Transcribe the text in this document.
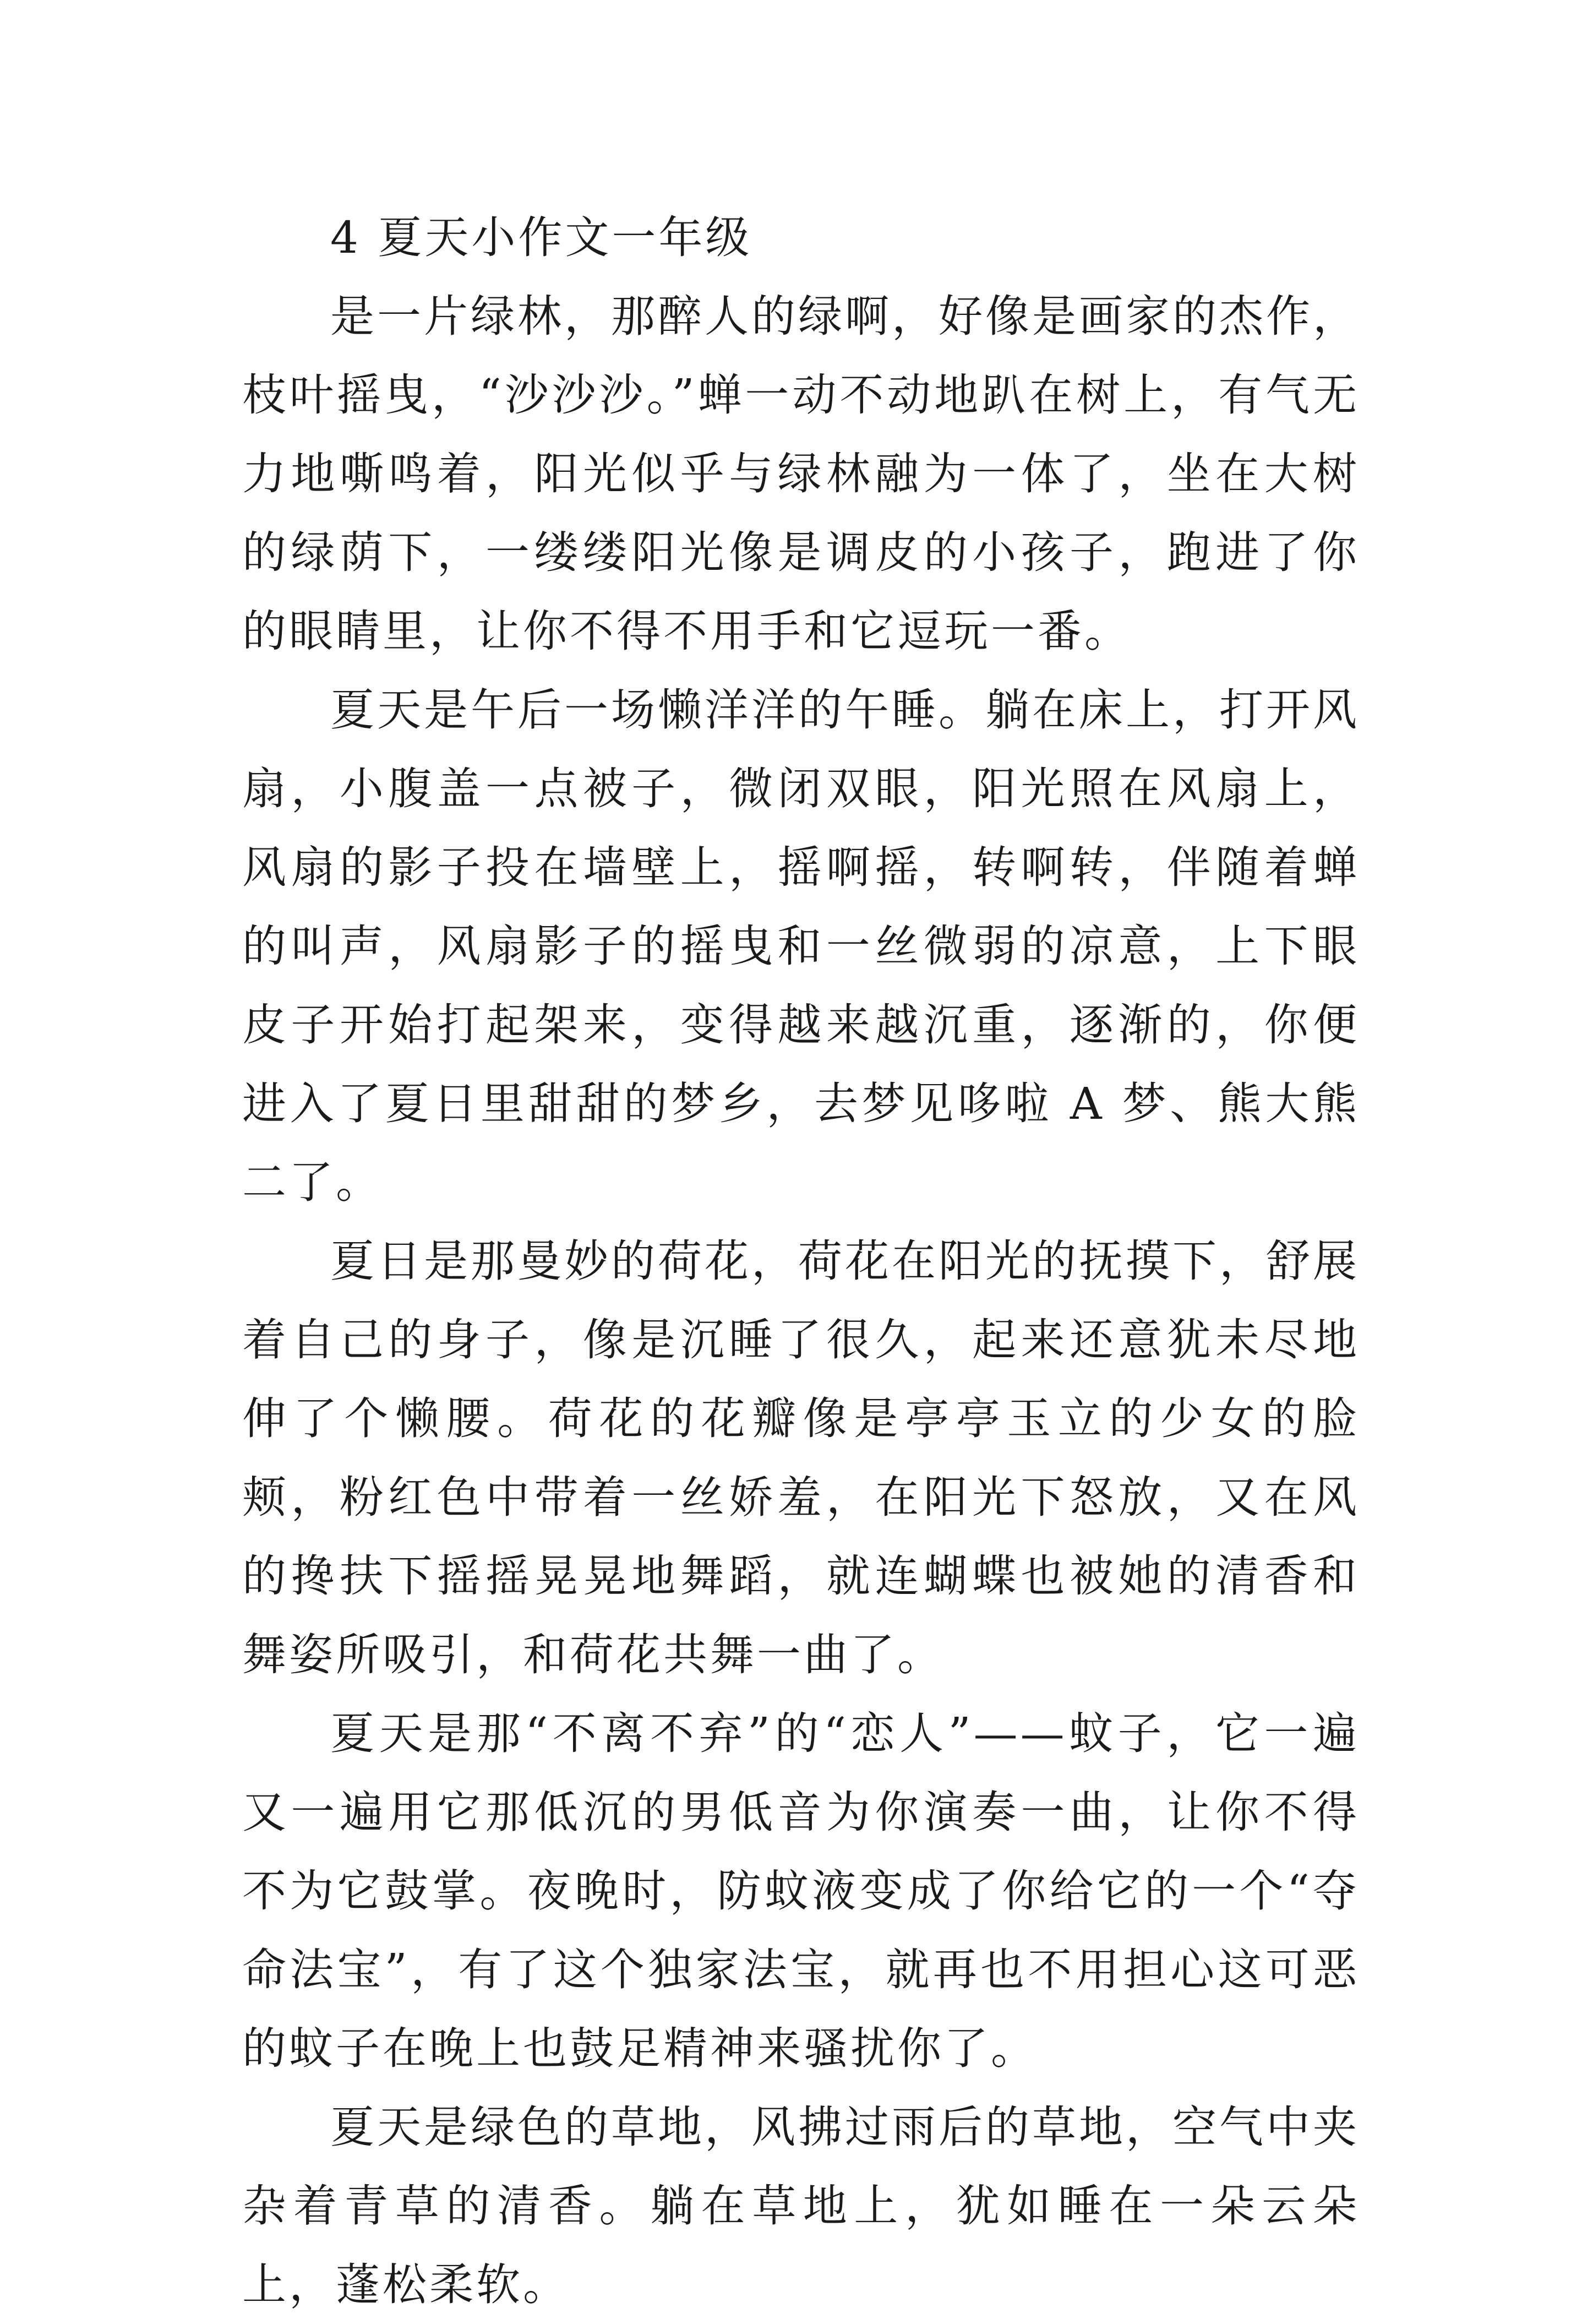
4 夏天小作文一年级

是一片绿林，那醉人的绿啊，好像是画家的杰作，枝叶摇曳，“沙沙沙。”蝉一动不动地趴在树上，有气无力地嘶鸣着，阳光似乎与绿林融为一体了，坐在大树的绿荫下，一缕缕阳光像是调皮的小孩子，跑进了你的眼睛里，让你不得不用手和它逗玩一番。

夏天是午后一场懒洋洋的午睡。躺在床上，打开风扇，小腹盖一点被子，微闭双眼，阳光照在风扇上，风扇的影子投在墙壁上，摇啊摇，转啊转，伴随着蝉的叫声，风扇影子的摇曳和一丝微弱的凉意，上下眼皮子开始打起架来，变得越来越沉重，逐渐的，你便进入了夏日里甜甜的梦乡，去梦见哆啦 A 梦、熊大熊二了。

夏日是那曼妙的荷花，荷花在阳光的抚摸下，舒展着自己的身子，像是沉睡了很久，起来还意犹未尽地伸了个懒腰。荷花的花瓣像是亭亭玉立的少女的脸颊，粉红色中带着一丝娇羞，在阳光下怒放，又在风的搀扶下摇摇晃晃地舞蹈，就连蝴蝶也被她的清香和舞姿所吸引，和荷花共舞一曲了。

夏天是那“不离不弃”的“恋人”——蚊子，它一遍又一遍用它那低沉的男低音为你演奏一曲，让你不得不为它鼓掌。夜晚时，防蚊液变成了你给它的一个“夺命法宝”，有了这个独家法宝，就再也不用担心这可恶的蚊子在晚上也鼓足精神来骚扰你了。

夏天是绿色的草地，风拂过雨后的草地，空气中夹杂着青草的清香。躺在草地上，犹如睡在一朵云朵上，蓬松柔软。
